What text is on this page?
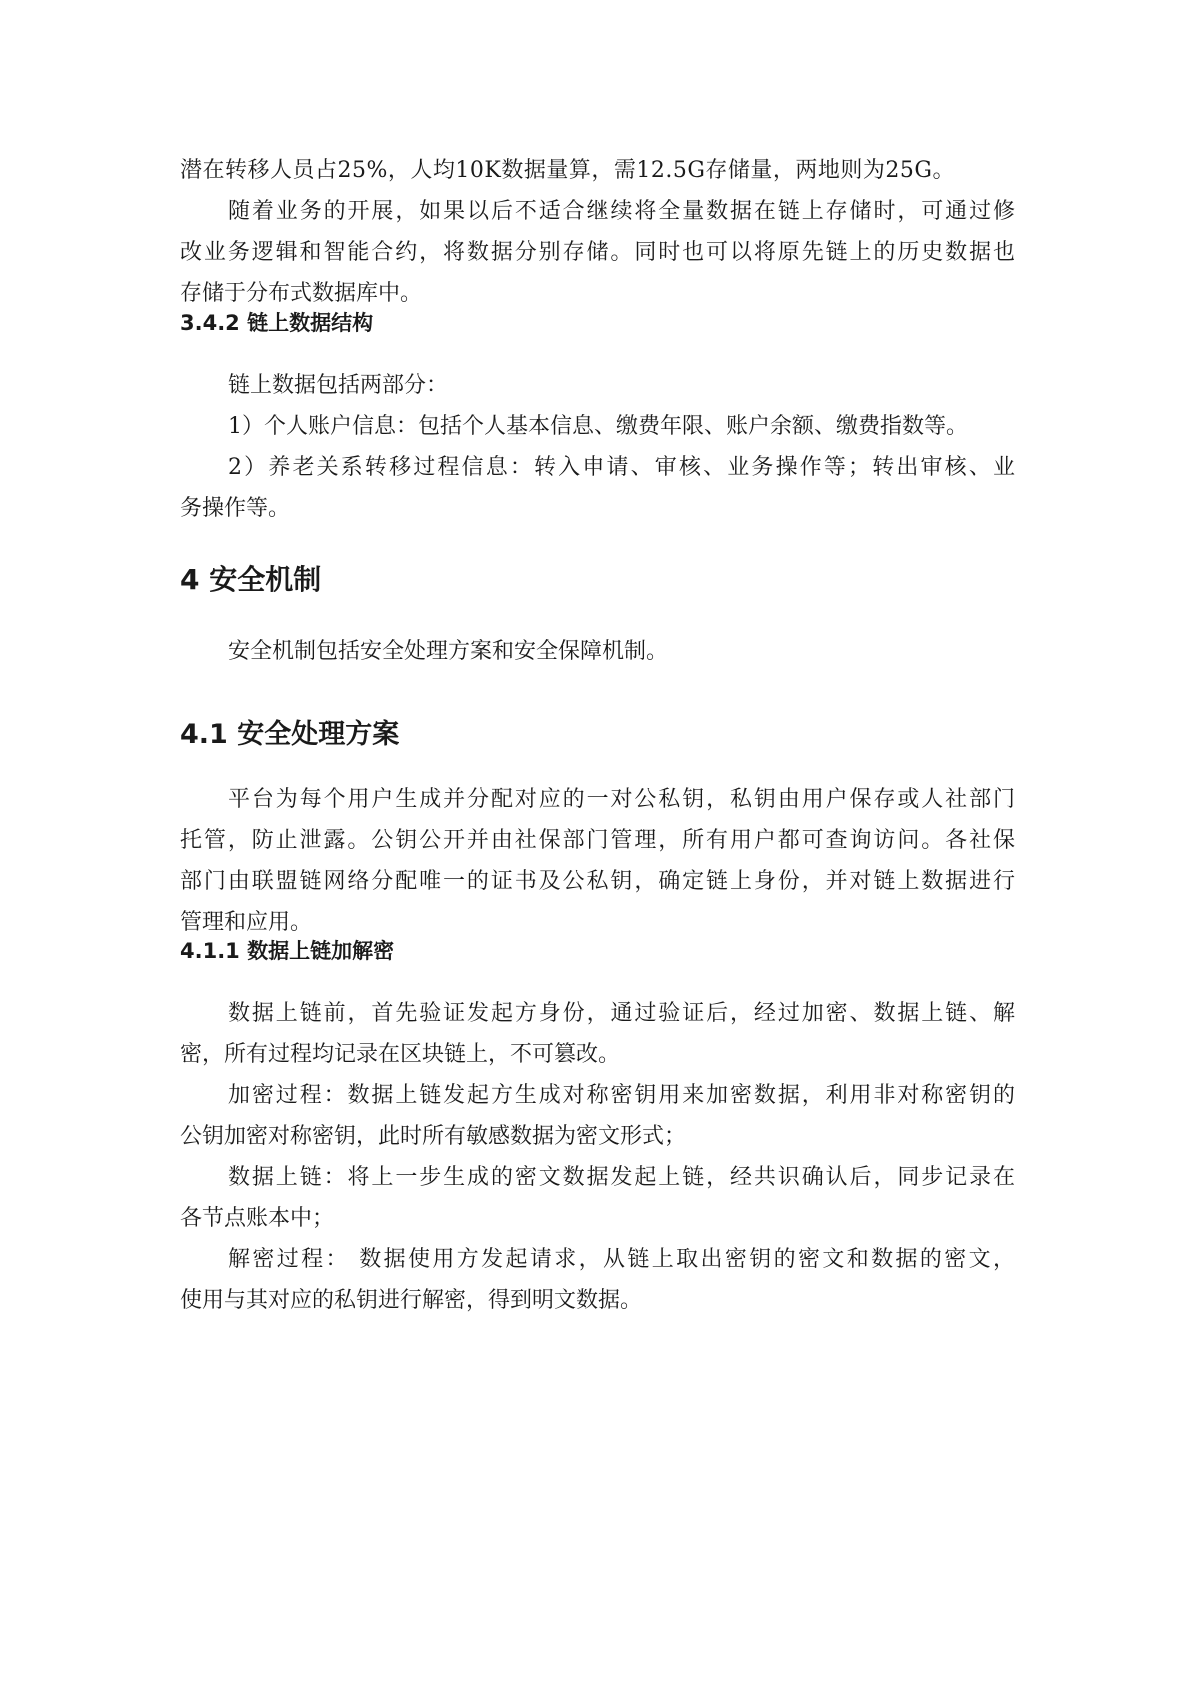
潜在转移人员占25%，人均10K数据量算，需12.5G存储量，两地则为25G。
随着业务的开展，如果以后不适合继续将全量数据在链上存储时，可通过修
改业务逻辑和智能合约，将数据分别存储。同时也可以将原先链上的历史数据也
存储于分布式数据库中。
3.4.2 链上数据结构
链上数据包括两部分：
1）个人账户信息：包括个人基本信息、缴费年限、账户余额、缴费指数等。
2）养老关系转移过程信息：转入申请、审核、业务操作等；转出审核、业
务操作等。
4 安全机制
安全机制包括安全处理方案和安全保障机制。
4.1 安全处理方案
平台为每个用户生成并分配对应的一对公私钥，私钥由用户保存或人社部门
托管，防止泄露。公钥公开并由社保部门管理，所有用户都可查询访问。各社保
部门由联盟链网络分配唯一的证书及公私钥，确定链上身份，并对链上数据进行
管理和应用。
4.1.1 数据上链加解密
数据上链前，首先验证发起方身份，通过验证后，经过加密、数据上链、解
密，所有过程均记录在区块链上，不可篡改。
加密过程：数据上链发起方生成对称密钥用来加密数据，利用非对称密钥的
公钥加密对称密钥，此时所有敏感数据为密文形式；
数据上链：将上一步生成的密文数据发起上链，经共识确认后，同步记录在
各节点账本中；
解密过程： 数据使用方发起请求，从链上取出密钥的密文和数据的密文，
使用与其对应的私钥进行解密，得到明文数据。
